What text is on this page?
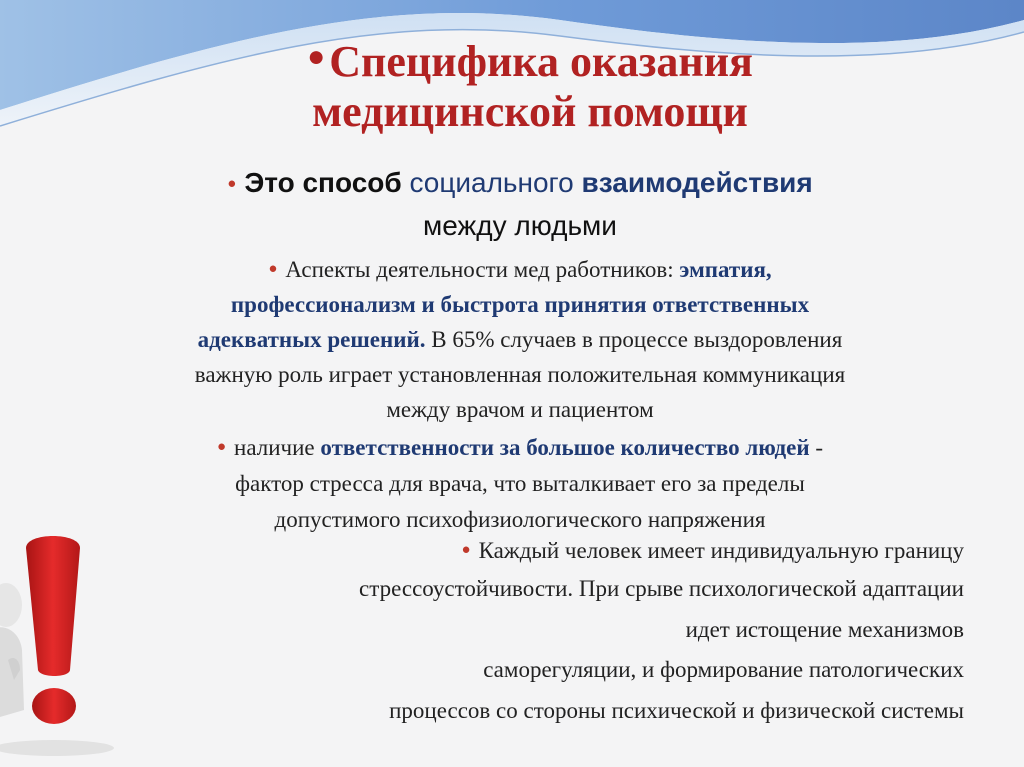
●Специфика оказания
медицинской помощи
● Это способ социального взаимодействия
между людьми
● Аспекты деятельности мед работников: эмпатия,
профессионализм и быстрота принятия ответственных
адекватных решений. В 65% случаев в процессе выздоровления
важную роль играет установленная положительная коммуникация
между врачом и пациентом
● наличие ответственности за большое количество людей -
фактор стресса для врача, что выталкивает его за пределы
допустимого психофизиологического напряжения
● Каждый человек имеет индивидуальную границу
стрессоустойчивости. При срыве психологической адаптации
идет истощение механизмов
саморегуляции, и формирование патологических
процессов со стороны психической и физической системы
